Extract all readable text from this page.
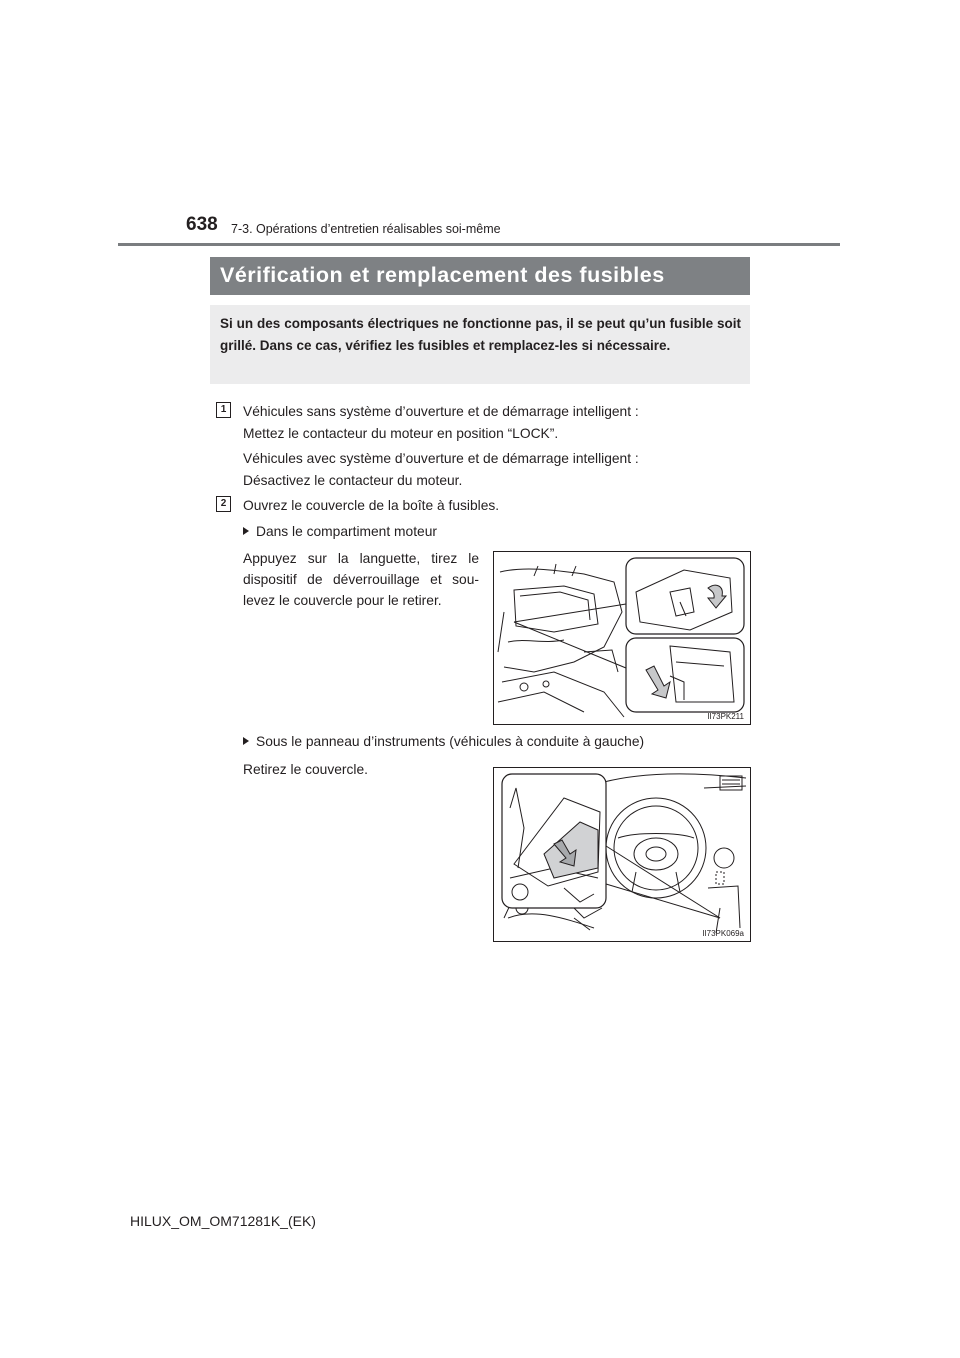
638 7-3. Opérations d’entretien réalisables soi-même
Vérification et remplacement des fusibles
Si un des composants électriques ne fonctionne pas, il se peut qu’un fusible soit grillé. Dans ce cas, vérifiez les fusibles et remplacez-les si nécessaire.
1	Véhicules sans système d’ouverture et de démarrage intelligent :
Mettez le contacteur du moteur en position “LOCK”.
Véhicules avec système d’ouverture et de démarrage intelligent :
Désactivez le contacteur du moteur.
2	Ouvrez le couvercle de la boîte à fusibles.
Dans le compartiment moteur
Appuyez sur la languette, tirez le dispositif de déverrouillage et sou-levez le couvercle pour le retirer.
II73PK211
Sous le panneau d’instruments (véhicules à conduite à gauche)
Retirez le couvercle.
II73PK069a
HILUX_OM_OM71281K_(EK)
